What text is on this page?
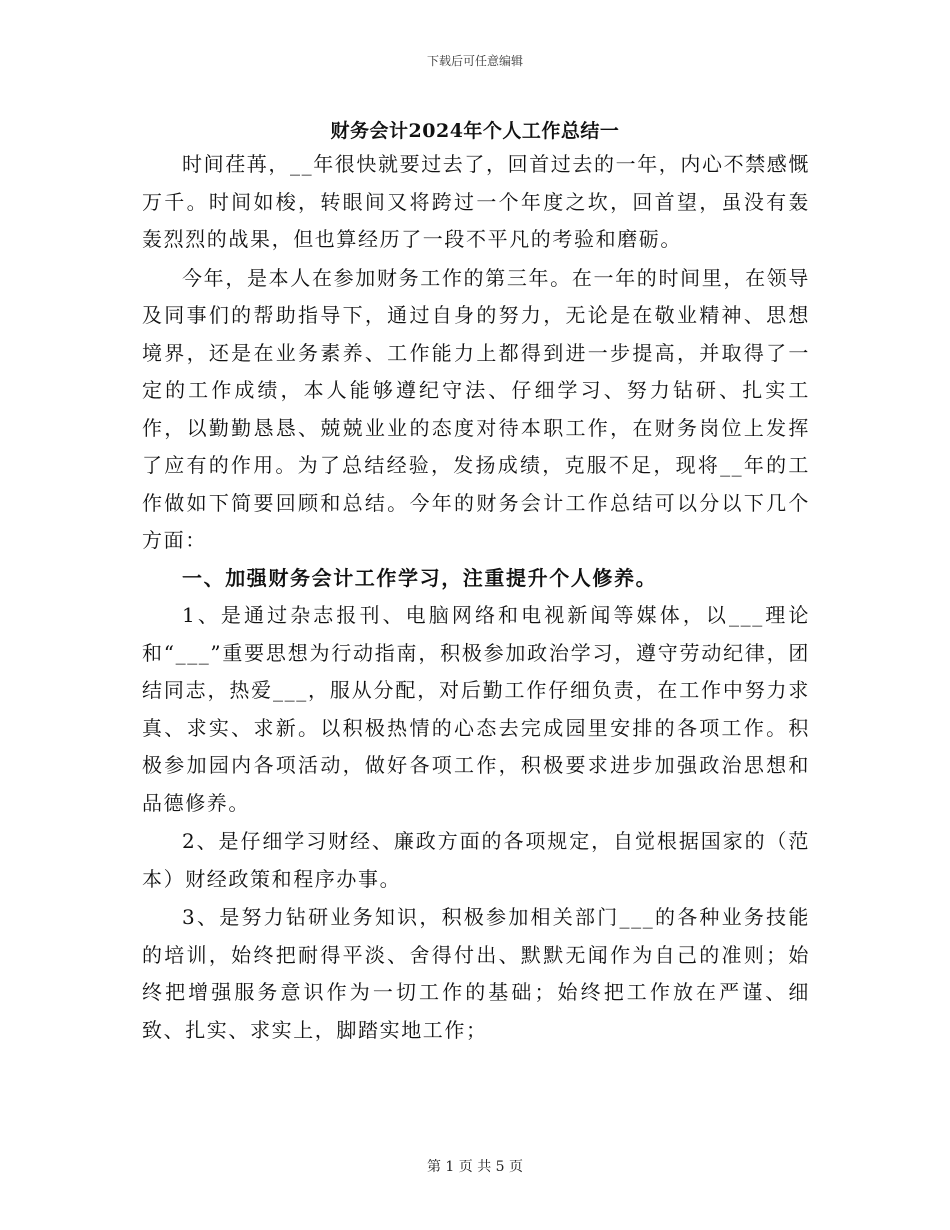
下载后可任意编辑
财务会计2024年个人工作总结一

时间荏苒，__年很快就要过去了，回首过去的一年，内心不禁感慨万千。时间如梭，转眼间又将跨过一个年度之坎，回首望，虽没有轰轰烈烈的战果，但也算经历了一段不平凡的考验和磨砺。

今年，是本人在参加财务工作的第三年。在一年的时间里，在领导及同事们的帮助指导下，通过自身的努力，无论是在敬业精神、思想境界，还是在业务素养、工作能力上都得到进一步提高，并取得了一定的工作成绩，本人能够遵纪守法、仔细学习、努力钻研、扎实工作，以勤勤恳恳、兢兢业业的态度对待本职工作，在财务岗位上发挥了应有的作用。为了总结经验，发扬成绩，克服不足，现将__年的工作做如下简要回顾和总结。今年的财务会计工作总结可以分以下几个方面：

一、加强财务会计工作学习，注重提升个人修养。

1、是通过杂志报刊、电脑网络和电视新闻等媒体，以___理论和“___”重要思想为行动指南，积极参加政治学习，遵守劳动纪律，团结同志，热爱___，服从分配，对后勤工作仔细负责，在工作中努力求真、求实、求新。以积极热情的心态去完成园里安排的各项工作。积极参加园内各项活动，做好各项工作，积极要求进步加强政治思想和品德修养。

2、是仔细学习财经、廉政方面的各项规定，自觉根据国家的（范本）财经政策和程序办事。

3、是努力钻研业务知识，积极参加相关部门___的各种业务技能的培训，始终把耐得平淡、舍得付出、默默无闻作为自己的准则；始终把增强服务意识作为一切工作的基础；始终把工作放在严谨、细致、扎实、求实上，脚踏实地工作；

第 1 页 共 5 页
